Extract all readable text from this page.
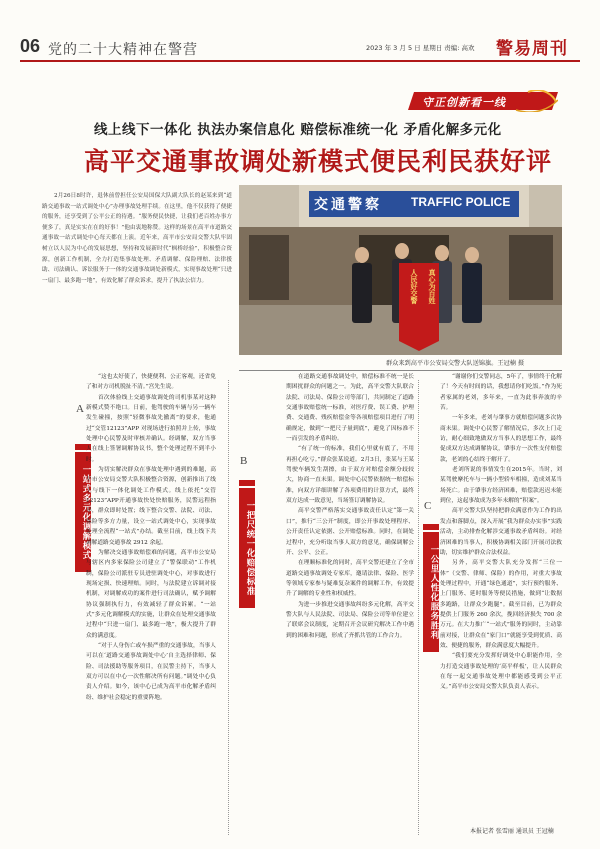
06 党的二十大精神在警营	2023 年 3 月 5 日 星期日 责编: 高欢 警易周刊
守正创新看一线
线上线下一体化 执法办案信息化 赔偿标准统一化 矛盾化解多元化
高平交通事故调处新模式便民利民获好评
2月26日8时许，退休前曾担任公安局国保大队副大队长的赵某来到“道路交通事故一站式调处中心”办理事故处理手续。在这里，他不仅获得了便捷的服务，还享受到了公平公正的待遇。“服务便民快捷，让我们老百姓办事方便多了，真是实实在在的好事！”他由衷地称赞。这样的场景在高平市道路交通事故一站式调处中心每天都在上演。近年来，高平市公安局交警大队牢固树立以人民为中心的发展思想，坚持和发展新时代“枫桥经验”，积极整合资源，创新工作机制，全力打造集事故处理、矛盾调解、保险理赔、法律援助、司法确认、诉讼服务于一体的交通事故调处新模式，实现事故处理“只进一扇门、最多跑一地”，有效化解了群众诉求，提升了执法公信力。
交通警察 TRAFFIC POLICE
人民好交警	真心为百姓
群众来到高平市公安局交警大队送锦旗。王冠楠 摄
A
一站式多元化调解模式
B
一把尺统一化赔偿标准	C
一公里人性化服务胜利

“这也太好使了，快捷便利、公正客观，还省免了和对方司机脱扯不清。”宫先生说。

首次体验线上交通事故调处的司机事某对这种新模式赞不绝口。日前，他驾驶的车辆与另一辆车发生碰撞，按照“轻微事故先撤离”的要求，他通过“交管12123”APP 对现场进行拍照并上传，事故处理中心民警及时审核并确认。经调解，双方当事人在线上签署调解协议书，整个处理过程不到半小时。

为切实解决群众在事故处理中遇到的难题，高平市公安局交警大队积极整合资源，创新推出了线上与线下一体化调处工作模式。线上依托“交管12123”APP开通事故快处快赔服务，民警远程指导，群众即时处置；线下整合交警、法院、司法、保险等多方力量，设立一站式调处中心，实现事故处理全流程“一站式”办结。截至目前，线上线下共调解道路交通事故 2912 余起。

为解决交通事故赔偿难的问题，高平市公安局与辖区内多家保险公司建立了“警保联动”工作机制，保险公司派驻专员进驻调处中心，对事故进行现场定损、快速理赔。同时，与法院建立诉调对接机制，对调解成功的案件进行司法确认，赋予调解协议强制执行力，有效减轻了群众诉累。“一站式”多元化调解模式的实施，让群众在处理交通事故过程中“只进一扇门、最多跑一地”，极大提升了群众的满意度。

“对于人身伤亡或车损严重的交通事故，当事人可以在‘道路交通事故调处中心’自主选择律师、保险、司法援助等服务项目，在民警主持下，当事人双方可以在中心一次性解决所有问题。”调处中心负责人介绍。如今，该中心已成为高平市化解矛盾纠纷、维护社会稳定的重要阵地。

在道路交通事故调处中，赔偿标准不统一是长期困扰群众的问题之一。为此，高平交警大队联合法院、司法局、保险公司等部门，共同制定了道路交通事故赔偿统一标准，对医疗费、误工费、护理费、交通费、残疾赔偿金等各项赔偿项目进行了明确规定，做到“一把尺子量到底”，避免了因标准不一而引发的矛盾纠纷。

“有了统一的标准，我们心里就有底了，不用再担心吃亏。”群众张某说道。2月3日，张某与王某驾驶车辆发生刮擦，由于双方对赔偿金额分歧较大，协商一直未果。调处中心民警依据统一赔偿标准，向双方详细讲解了各项费用的计算方式，最终双方达成一致意见，当场签订调解协议。

高平交警严格落实交通事故责任认定“第一关口”，推行“三公开”制度，即公开事故处理程序、公开责任认定依据、公开赔偿标准。同时，在调处过程中，充分听取当事人双方的意见，确保调解公开、公平、公正。

在理顺标准化的同时，高平交警还建立了全市道路交通事故调处专家库，邀请法律、保险、医学等领域专家参与疑难复杂案件的调解工作，有效提升了调解的专业性和权威性。

为进一步推进交通事故纠纷多元化解，高平交警大队与人民法院、司法局、保险公司等单位建立了联席会议制度，定期召开会议研究解决工作中遇到的困难和问题，形成了齐抓共管的工作合力。

“谢谢你们交警同志，5年了，事情终于化解了！今天有时间的话，我想请你们吃饭。”作为死者家属的老刘，多年来，一直为此事奔波的辛苦。

一年多来，老刘与肇事方就赔偿问题多次协商未果。调处中心民警了解情况后，多次上门走访，耐心细致地做双方当事人的思想工作，最终促成双方达成调解协议，肇事方一次性支付赔偿款，老刘的心结终于解开了。

老刘所说的事情发生在2015年。当时，刘某驾驶摩托车与一辆小型轿车相撞，造成刘某当场死亡。由于肇事方经济困难，赔偿款迟迟未能到位，这起事故成为多年未解的“积案”。

高平交警大队坚持把群众满意作为工作的出发点和落脚点，深入开展“我为群众办实事”实践活动，主动排查化解涉交通事故矛盾纠纷。对经济困难的当事人，积极协调相关部门开展司法救助，切实维护群众合法权益。

另外，高平交警大队充分发挥“三位一体”（交警、律师、保险）的作用，对重大事故处理过程中，开通“绿色通道”，实行预约服务、上门服务、延时服务等便民措施，做到“让数据多跑路，让群众少跑腿”。截至目前，已为群众提供上门服务 260 余次，挽回经济损失 700 余万元。在大力推广“一站式”服务的同时，主动靠前对接，让群众在“家门口”就能享受到优质、高效、便捷的服务，群众满意度大幅提升。

“我们要充分发挥好调处中心职能作用，全力打造交通事故处理的‘高平样板’，让人民群众在每一起交通事故处理中都能感受到公平正义。”高平市公安局交警大队负责人表示。

本报记者 张雪丽 通讯员 王冠楠
